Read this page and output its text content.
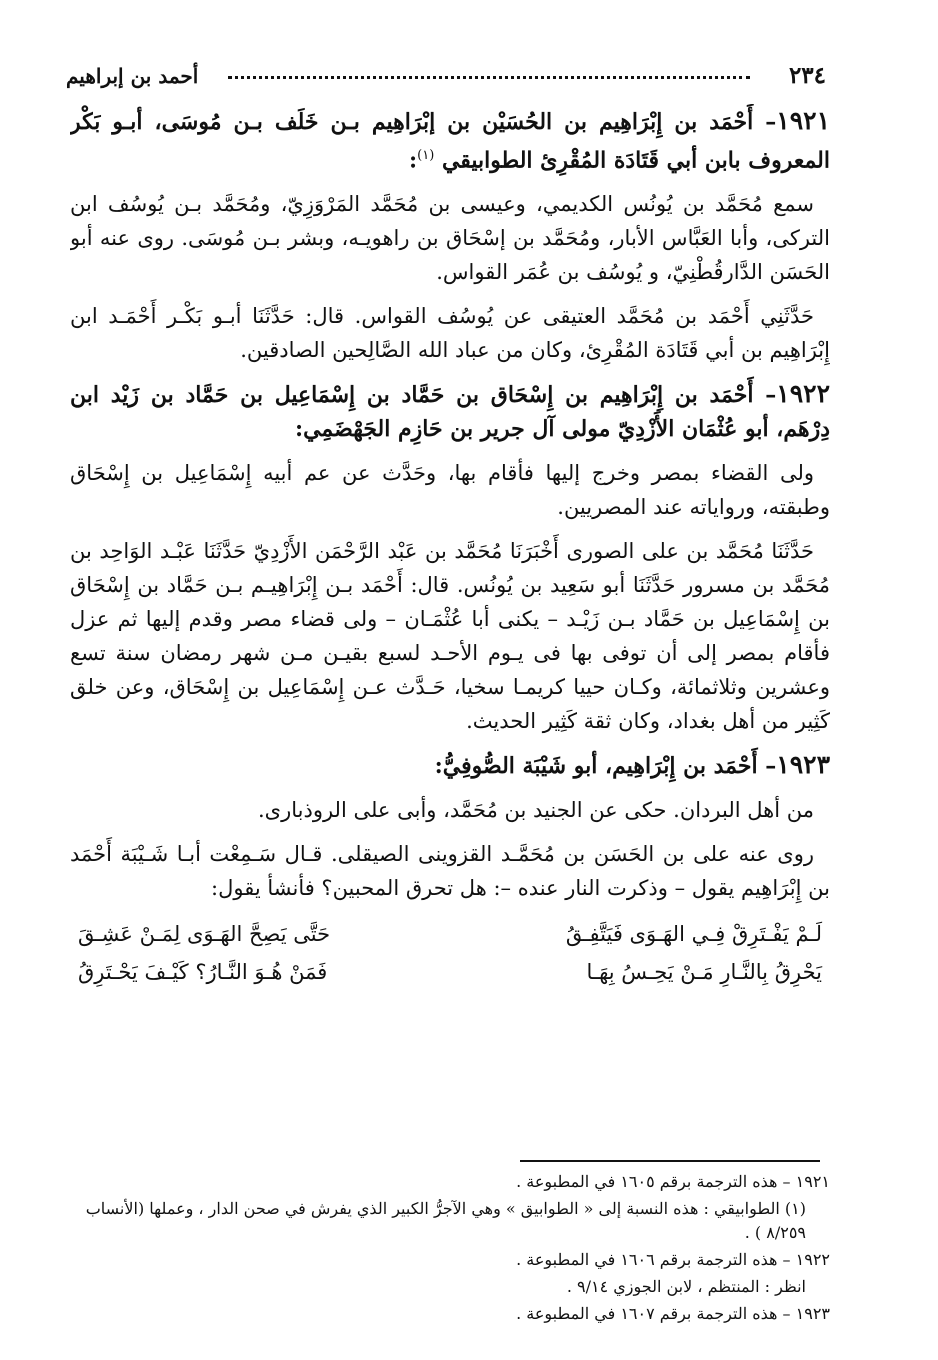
٢٣٤
أحمد بن إبراهيم

١٩٢١– أَحْمَد بن إِبْرَاهِيم بن الحُسَيْن بن إبْرَاهِيم بـن خَلَف بـن مُوسَى، أبـو بَكْر المعروف بابن أبي قَتَادَة المُقْرِئ الطوابيقي $^{(١)}$:

سمع مُحَمَّد بن يُونُس الكديمي، وعيسى بن مُحَمَّد المَرْوَزِيّ، ومُحَمَّد بـن يُوسُف ابن التركى، وأبا العَبَّاس الأبار، ومُحَمَّد بن إسْحَاق بن راهويـه، وبشر بـن مُوسَى. روى عنه أبو الحَسَن الدَّارقُطْنِيّ، و يُوسُف بن عُمَر القواس.

حَدَّثَنِي أَحْمَد بن مُحَمَّد العتيقى عن يُوسُف القواس. قال: حَدَّثَنَا أبـو بَكْـر أَحْمَـد ابن إِبْرَاهِيم بن أبي قَتَادَة المُقْرِئ، وكان من عباد الله الصَّالِحين الصادقين.

١٩٢٢– أَحْمَد بن إِبْرَاهِيم بن إِسْحَاق بن حَمَّاد بن إِسْمَاعِيل بن حَمَّاد بن زَيْد ابن دِرْهَم، أبو عُثْمَان الأَزْدِيّ مولى آل جرير بن حَازِم الجَهْضَمِي:

ولى القضاء بمصر وخرج إليها فأقام بها، وحَدَّث عن عم أبيه إِسْمَاعِيل بن إِسْحَاق وطبقته، ورواياته عند المصريين.

حَدَّثَنَا مُحَمَّد بن على الصورى أَخْبَرَنَا مُحَمَّد بن عَبْد الرَّحْمَن الأَزْدِيّ حَدَّثَنَا عَبْـد الوَاحِد بن مُحَمَّد بن مسرور حَدَّثَنَا أبو سَعِيد بن يُونُس. قال: أَحْمَد بـن إِبْرَاهِيـم بـن حَمَّاد بن إِسْحَاق بن إِسْمَاعِيل بن حَمَّاد بـن زَيْـد – يكنى أبا عُثْمَـان – ولى قضاء مصر وقدم إليها ثم عزل فأقام بمصر إلى أن توفى بها فى يـوم الأحـد لسبع بقيـن مـن شهر رمضان سنة تسع وعشرين وثلاثمائة، وكـان حييا كريمـا سخيا، حَـدَّث عـن إِسْمَاعِيل بن إِسْحَاق، وعن خلق كَثِير من أهل بغداد، وكان ثقة كَثِير الحديث.

١٩٢٣– أَحْمَد بن إِبْرَاهِيم، أبو شَيْبَة الصُّوفِيُّ:

من أهل البردان. حكى عن الجنيد بن مُحَمَّد، وأبى على الروذبارى.

روى عنه على بن الحَسَن بن مُحَمَّـد القزوينى الصيقلى. قـال سَـمِعْت أبـا شَـيْبَة أَحْمَد بن إِبْرَاهِيم يقول – وذكرت النار عنده –: هل تحرق المحبين؟ فأنشأ يقول:

لَـمْ يَفْـتَرِقْ فِـي الهَـوَى فَيَتَّفِـقُ	حَتَّى يَصِحَّ الهَـوَى لِمَـنْ عَشِـقَ
يَحْرِقُ بِالنَّـارِ مَـنْ يَحِـسُ بِهَـا	فَمَنْ هُـوَ النَّـارُ؟ كَيْـفَ يَحْـتَرِقُ

١٩٢١ – هذه الترجمة برقم ١٦٠٥ في المطبوعة .

(١) الطوابيقي : هذه النسبة إلى « الطوابيق » وهي الآجرُّ الكبير الذي يفرش في صحن الدار ، وعملها (الأنساب ٨/٢٥٩ ) .

١٩٢٢ – هذه الترجمة برقم ١٦٠٦ في المطبوعة .

انظر : المنتظم ، لابن الجوزي ٩/١٤ .

١٩٢٣ – هذه الترجمة برقم ١٦٠٧ في المطبوعة .
